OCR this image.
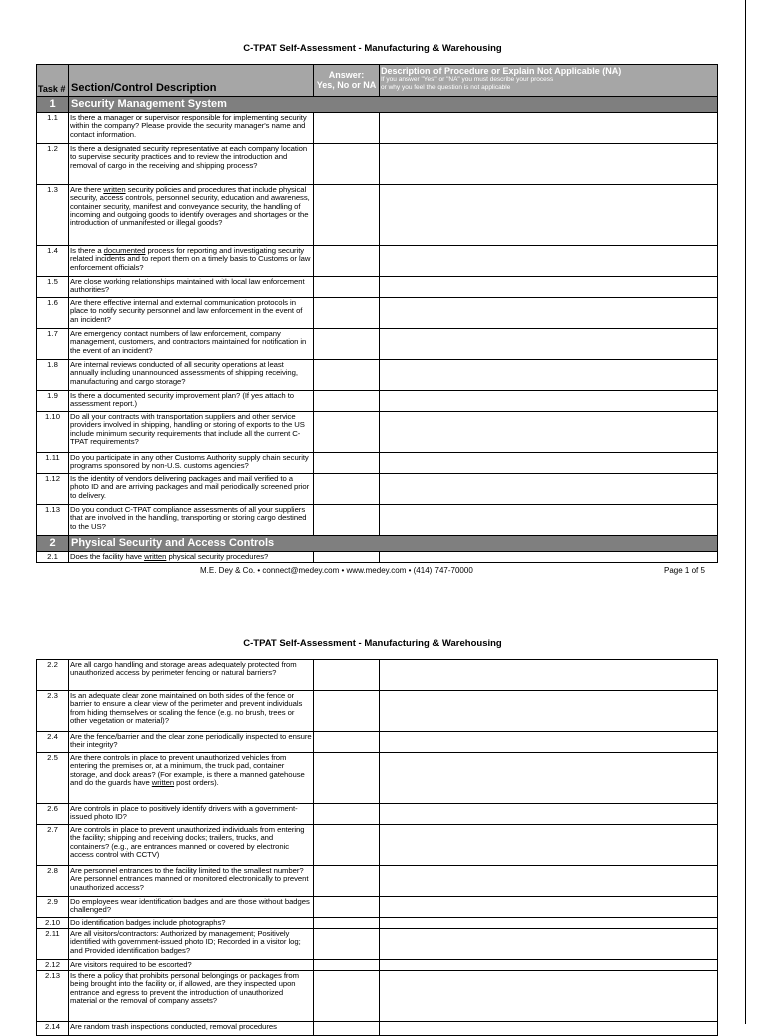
C-TPAT Self-Assessment - Manufacturing & Warehousing
Task #	Section/Control Description	Answer:
Yes, No or NA	Description of Procedure or Explain Not Applicable (NA)
If you answer "Yes" or "NA" you must describe your process
or why you feel the question is not applicable

1	Security Management System		
1.1	Is there a manager or supervisor responsible for implementing security within the company? Please provide the security manager's name and contact information.		
1.2	Is there a designated security representative at each company location to supervise security practices and to review the introduction and removal of cargo in the receiving and shipping process?		
1.3	Are there written security policies and procedures that include physical security, access controls, personnel security, education and awareness, container security, manifest and conveyance security, the handling of incoming and outgoing goods to identify overages and shortages or the introduction of unmanifested or illegal goods?		
1.4	Is there a documented process for reporting and investigating security related incidents and to report them on a timely basis to Customs or law enforcement officials?		
1.5	Are close working relationships maintained with local law enforcement authorities?		
1.6	Are there effective internal and external communication protocols in place to notify security personnel and law enforcement in the event of an incident?		
1.7	Are emergency contact numbers of law enforcement, company management, customers, and contractors maintained for notification in the event of an incident?		
1.8	Are internal reviews conducted of all security operations at least annually including unannounced assessments of shipping receiving, manufacturing and cargo storage?		
1.9	Is there a documented security improvement plan? (If yes attach to assessment report.)		
1.10	Do all your contracts with transportation suppliers and other service providers involved in shipping, handling or storing of exports to the US include minimum security requirements that include all the current C-TPAT requirements?		
1.11	Do you participate in any other Customs Authority supply chain security programs sponsored by non-U.S. customs agencies?		
1.12	Is the identity of vendors delivering packages and mail verified to a photo ID and are arriving packages and mail periodically screened prior to delivery.		
1.13	Do you conduct C-TPAT compliance assessments of all your suppliers that are involved in the handling, transporting or storing cargo destined to the US?		
2	Physical Security and Access Controls		
2.1	Does the facility have written physical security procedures?		
M.E. Dey & Co. • connect@medey.com • www.medey.com • (414) 747-70000	Page 1 of 5
C-TPAT Self-Assessment - Manufacturing & Warehousing
2.2	Are all cargo handling and storage areas adequately protected from unauthorized access by perimeter fencing or natural barriers?		
2.3	Is an adequate clear zone maintained on both sides of the fence or barrier to ensure a clear view of the perimeter and prevent individuals from hiding themselves or scaling the fence (e.g. no brush, trees or other vegetation or material)?		
2.4	Are the fence/barrier and the clear zone periodically inspected to ensure their integrity?		
2.5	Are there controls in place to prevent unauthorized vehicles from entering the premises or, at a minimum, the truck pad, container storage, and dock areas? (For example, is there a manned gatehouse and do the guards have written post orders).		
2.6	Are controls in place to positively identify drivers with a government-issued photo ID?		
2.7	Are controls in place to prevent unauthorized individuals from entering the facility; shipping and receiving docks; trailers, trucks, and containers? (e.g., are entrances manned or covered by electronic access control with CCTV)		
2.8	Are personnel entrances to the facility limited to the smallest number? Are personnel entrances manned or monitored electronically to prevent unauthorized access?		
2.9	Do employees wear identification badges and are those without badges challenged?		
2.10	Do identification badges include photographs?		
2.11	Are all visitors/contractors: Authorized by management; Positively identified with government-issued photo ID; Recorded in a visitor log; and Provided identification badges?		
2.12	Are visitors required to be escorted?		
2.13	Is there a policy that prohibits personal belongings or packages from being brought into the facility or, if allowed, are they inspected upon entrance and egress to prevent the introduction of unauthorized material or the removal of company assets?		
2.14	Are random trash inspections conducted, removal procedures		
